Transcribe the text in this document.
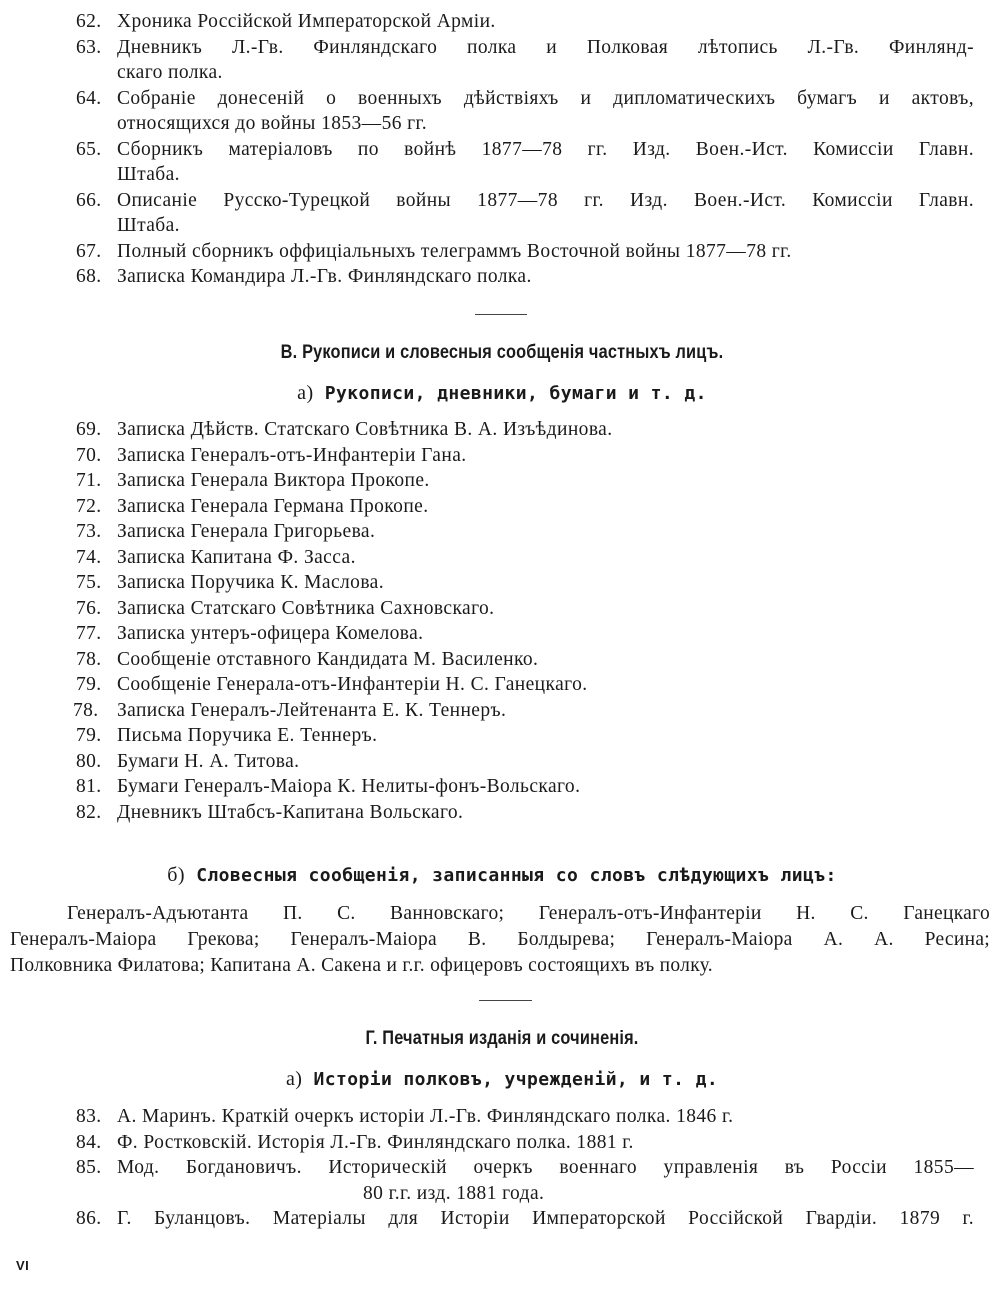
62. Хроника Россійской Императорской Арміи.
63. Дневникъ Л.-Гв. Финляндскаго полка и Полковая лѣтопись Л.-Гв. Финлянд-
скаго полка.
64. Собраніе донесеній о военныхъ дѣйствіяхъ и дипломатическихъ бумагъ и актовъ,
относящихся до войны 1853—56 гг.
65. Сборникъ матеріаловъ по войнѣ 1877—78 гг. Изд. Воен.-Ист. Комиссіи Главн.
Штаба.
66. Описаніе Русско-Турецкой войны 1877—78 гг. Изд. Воен.-Ист. Комиссіи Главн.
Штаба.
67. Полный сборникъ оффиціальныхъ телеграммъ Восточной войны 1877—78 гг.
68. Записка Командира Л.-Гв. Финляндскаго полка.
В. Рукописи и словесныя сообщенія частныхъ лицъ.
а) Рукописи, дневники, бумаги и т. д.
69. Записка Дѣйств. Статскаго Совѣтника В. А. Изъѣдинова.
70. Записка Генералъ-отъ-Инфантеріи Гана.
71. Записка Генерала Виктора Прокопе.
72. Записка Генерала Германа Прокопе.
73. Записка Генерала Григорьева.
74. Записка Капитана Ф. Засса.
75. Записка Поручика К. Маслова.
76. Записка Статскаго Совѣтника Сахновскаго.
77. Записка унтеръ-офицера Комелова.
78. Сообщеніе отставного Кандидата М. Василенко.
79. Сообщеніе Генерала-отъ-Инфантеріи Н. С. Ганецкаго.
78. Записка Генералъ-Лейтенанта Е. К. Теннеръ.
79. Письма Поручика Е. Теннеръ.
80. Бумаги Н. А. Титова.
81. Бумаги Генералъ-Маіора К. Нелиты-фонъ-Вольскаго.
82. Дневникъ Штабсъ-Капитана Вольскаго.
б) Словесныя сообщенія, записанныя со словъ слѣдующихъ лицъ:
Генералъ-Адъютанта П. С. Ванновскаго; Генералъ-отъ-Инфантеріи Н. С. Ганецкаго
Генералъ-Маіора Грекова; Генералъ-Маіора В. Болдырева; Генералъ-Маіора А. А. Ресина;
Полковника Филатова; Капитана А. Сакена и г.г. офицеровъ состоящихъ въ полку.
Г. Печатныя изданія и сочиненія.
а) Исторіи полковъ, учрежденій, и т. д.
83. А. Маринъ. Краткій очеркъ исторіи Л.-Гв. Финляндскаго полка. 1846 г.
84. Ф. Ростковскій. Исторія Л.-Гв. Финляндскаго полка. 1881 г.
85. Мод. Богдановичъ. Историческій очеркъ военнаго управленія въ Россіи 1855—
80 г.г. изд. 1881 года.
86. Г. Буланцовъ. Матеріалы для Исторіи Императорской Россійской Гвардіи. 1879 г.
VI
